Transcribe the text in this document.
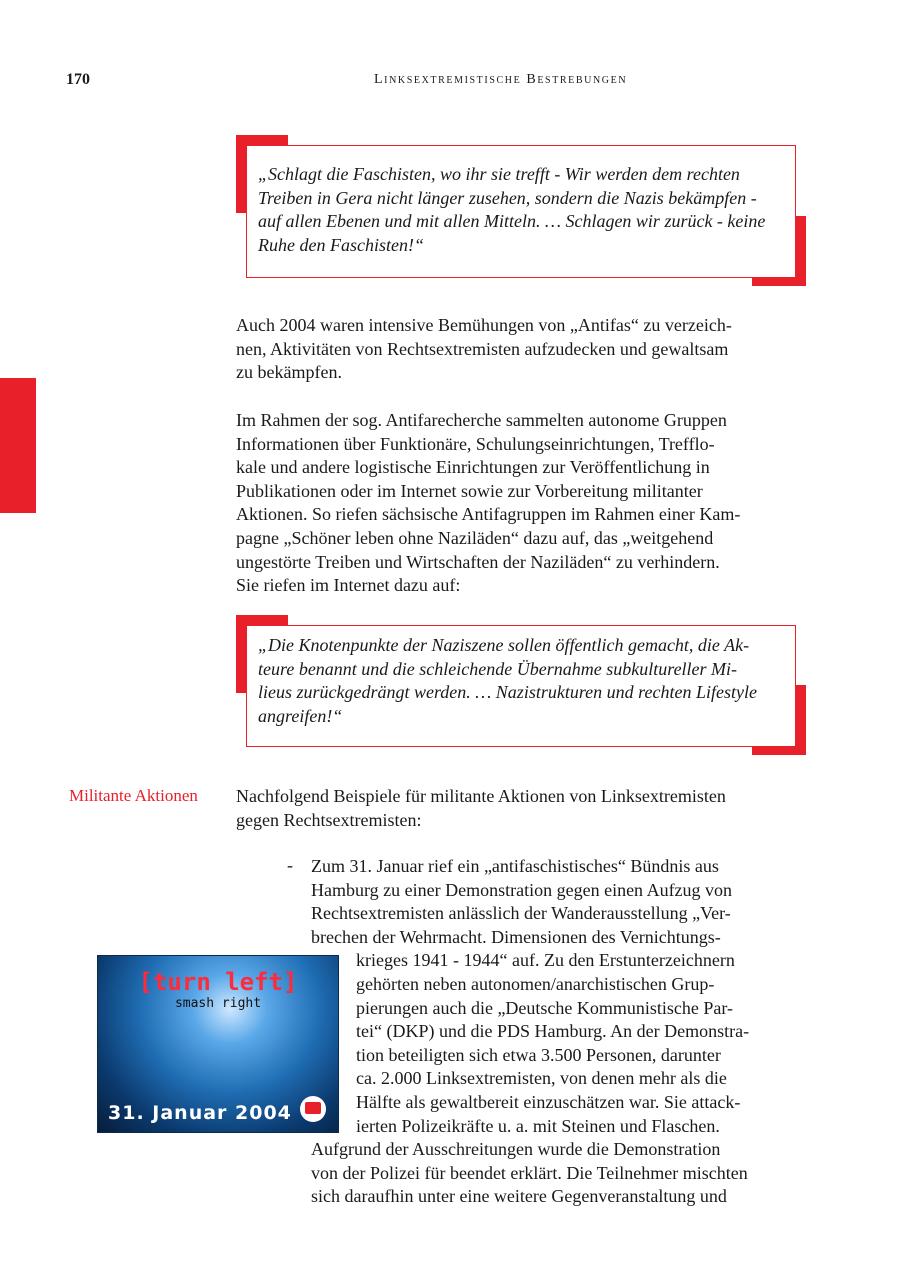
170	Linksextremistische Bestrebungen
„Schlagt die Faschisten, wo ihr sie trefft - Wir werden dem rechten
Treiben in Gera nicht länger zusehen, sondern die Nazis bekämpfen -
auf allen Ebenen und mit allen Mitteln. … Schlagen wir zurück - keine
Ruhe den Faschisten!“
Auch 2004 waren intensive Bemühungen von „Antifas“ zu verzeich-
nen, Aktivitäten von Rechtsextremisten aufzudecken und gewaltsam
zu bekämpfen.
Im Rahmen der sog. Antifarecherche sammelten autonome Gruppen
Informationen über Funktionäre, Schulungseinrichtungen, Trefflo-
kale und andere logistische Einrichtungen zur Veröffentlichung in
Publikationen oder im Internet sowie zur Vorbereitung militanter
Aktionen. So riefen sächsische Antifagruppen im Rahmen einer Kam-
pagne „Schöner leben ohne Naziläden“ dazu auf, das „weitgehend
ungestörte Treiben und Wirtschaften der Naziläden“ zu verhindern.
Sie riefen im Internet dazu auf:
„Die Knotenpunkte der Naziszene sollen öffentlich gemacht, die Ak-
teure benannt und die schleichende Übernahme subkultureller Mi-
lieus zurückgedrängt werden. … Nazistrukturen und rechten Lifestyle
angreifen!“
Militante Aktionen Nachfolgend Beispiele für militante Aktionen von Linksextremisten
gegen Rechtsextremisten:
- Zum 31. Januar rief ein „antifaschistisches“ Bündnis aus
Hamburg zu einer Demonstration gegen einen Aufzug von
Rechtsextremisten anlässlich der Wanderausstellung „Ver-
brechen der Wehrmacht. Dimensionen des Vernichtungs-
krieges 1941 - 1944“ auf. Zu den Erstunterzeichnern
gehörten neben autonomen/anarchistischen Grup-
pierungen auch die „Deutsche Kommunistische Par-
tei“ (DKP) und die PDS Hamburg. An der Demonstra-
tion beteiligten sich etwa 3.500 Personen, darunter
ca. 2.000 Linksextremisten, von denen mehr als die
Hälfte als gewaltbereit einzuschätzen war. Sie attack-
ierten Polizeikräfte u. a. mit Steinen und Flaschen.
Aufgrund der Ausschreitungen wurde die Demonstration
von der Polizei für beendet erklärt. Die Teilnehmer mischten
sich daraufhin unter eine weitere Gegenveranstaltung und
[turn left]
smash right
31. Januar 2004
